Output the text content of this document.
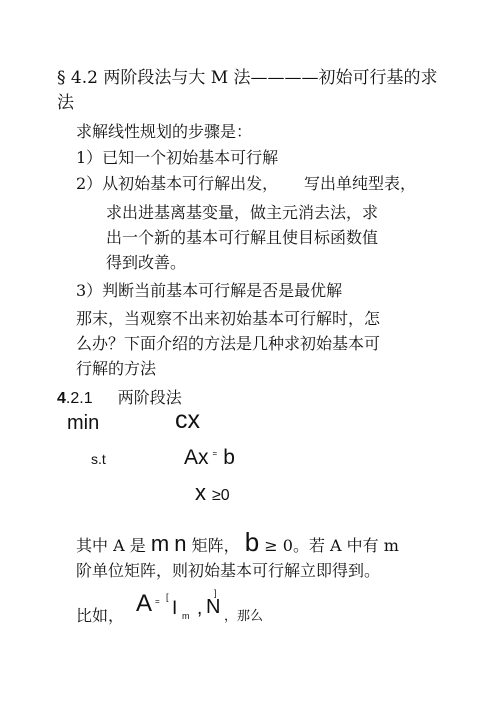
§ 4.2 两阶段法与大 M 法————初始可行基的求
法
求解线性规划的步骤是：
1）已知一个初始基本可行解
2）从初始基本可行解出发， 写出单纯型表，
求出进基离基变量，做主元消去法，求
出一个新的基本可行解且使目标函数值
得到改善。
3）判断当前基本可行解是否是最优解
那末，当观察不出来初始基本可行解时，怎
么办？下面介绍的方法是几种求初始基本可
行解的方法
4.2.1 两阶段法
min	cx
s.t	Ax = b
x ≥0
其中 A 是 m n 矩阵， b ≥ 0。若 A 中有 m
阶单位矩阵，则初始基本可行解立即得到。
比如， A = [
I m , N
]
，那么
